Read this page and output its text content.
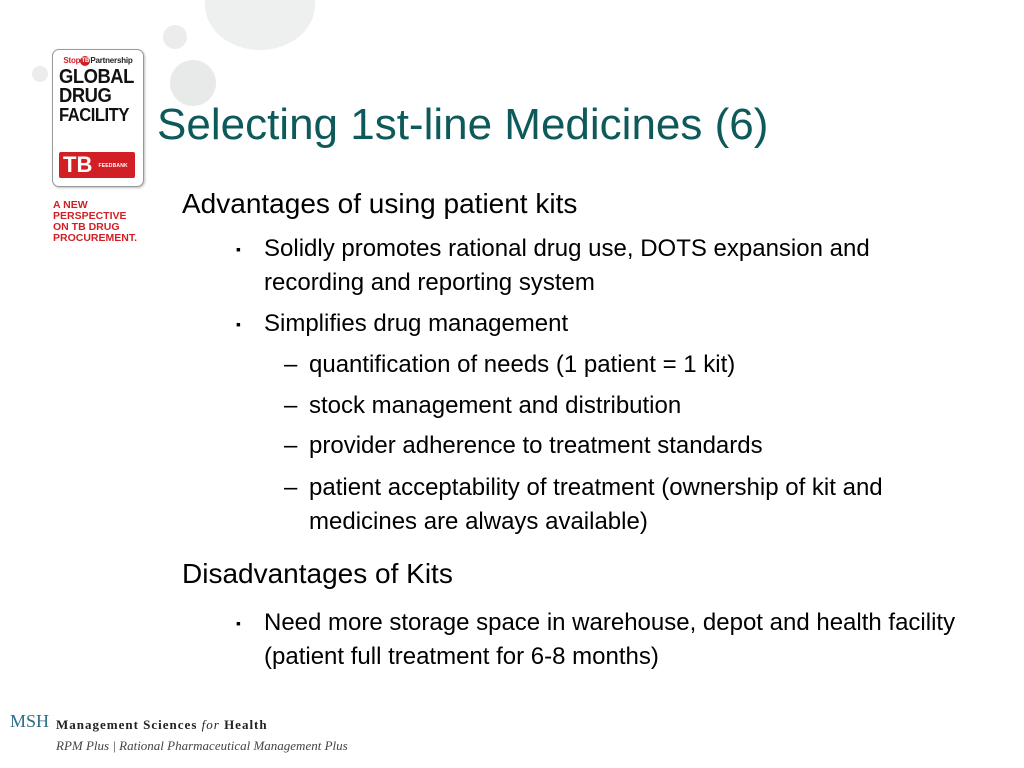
StopTBPartnership
GLOBAL
DRUG
FACILITY
TB FEEDBANK
A NEW
PERSPECTIVE
ON TB DRUG
PROCUREMENT.
Selecting 1st-line Medicines (6)
Advantages of using patient kits
▪ Solidly promotes rational drug use, DOTS expansion and recording and reporting system
▪ Simplifies drug management
– quantification of needs (1 patient = 1 kit)
– stock management and distribution
– provider adherence to treatment standards
– patient acceptability of treatment (ownership of kit and medicines are always available)
Disadvantages of Kits
▪ Need more storage space in warehouse, depot and health facility (patient full treatment for 6-8 months)
MSH Management Sciences for Health
RPM Plus | Rational Pharmaceutical Management Plus
